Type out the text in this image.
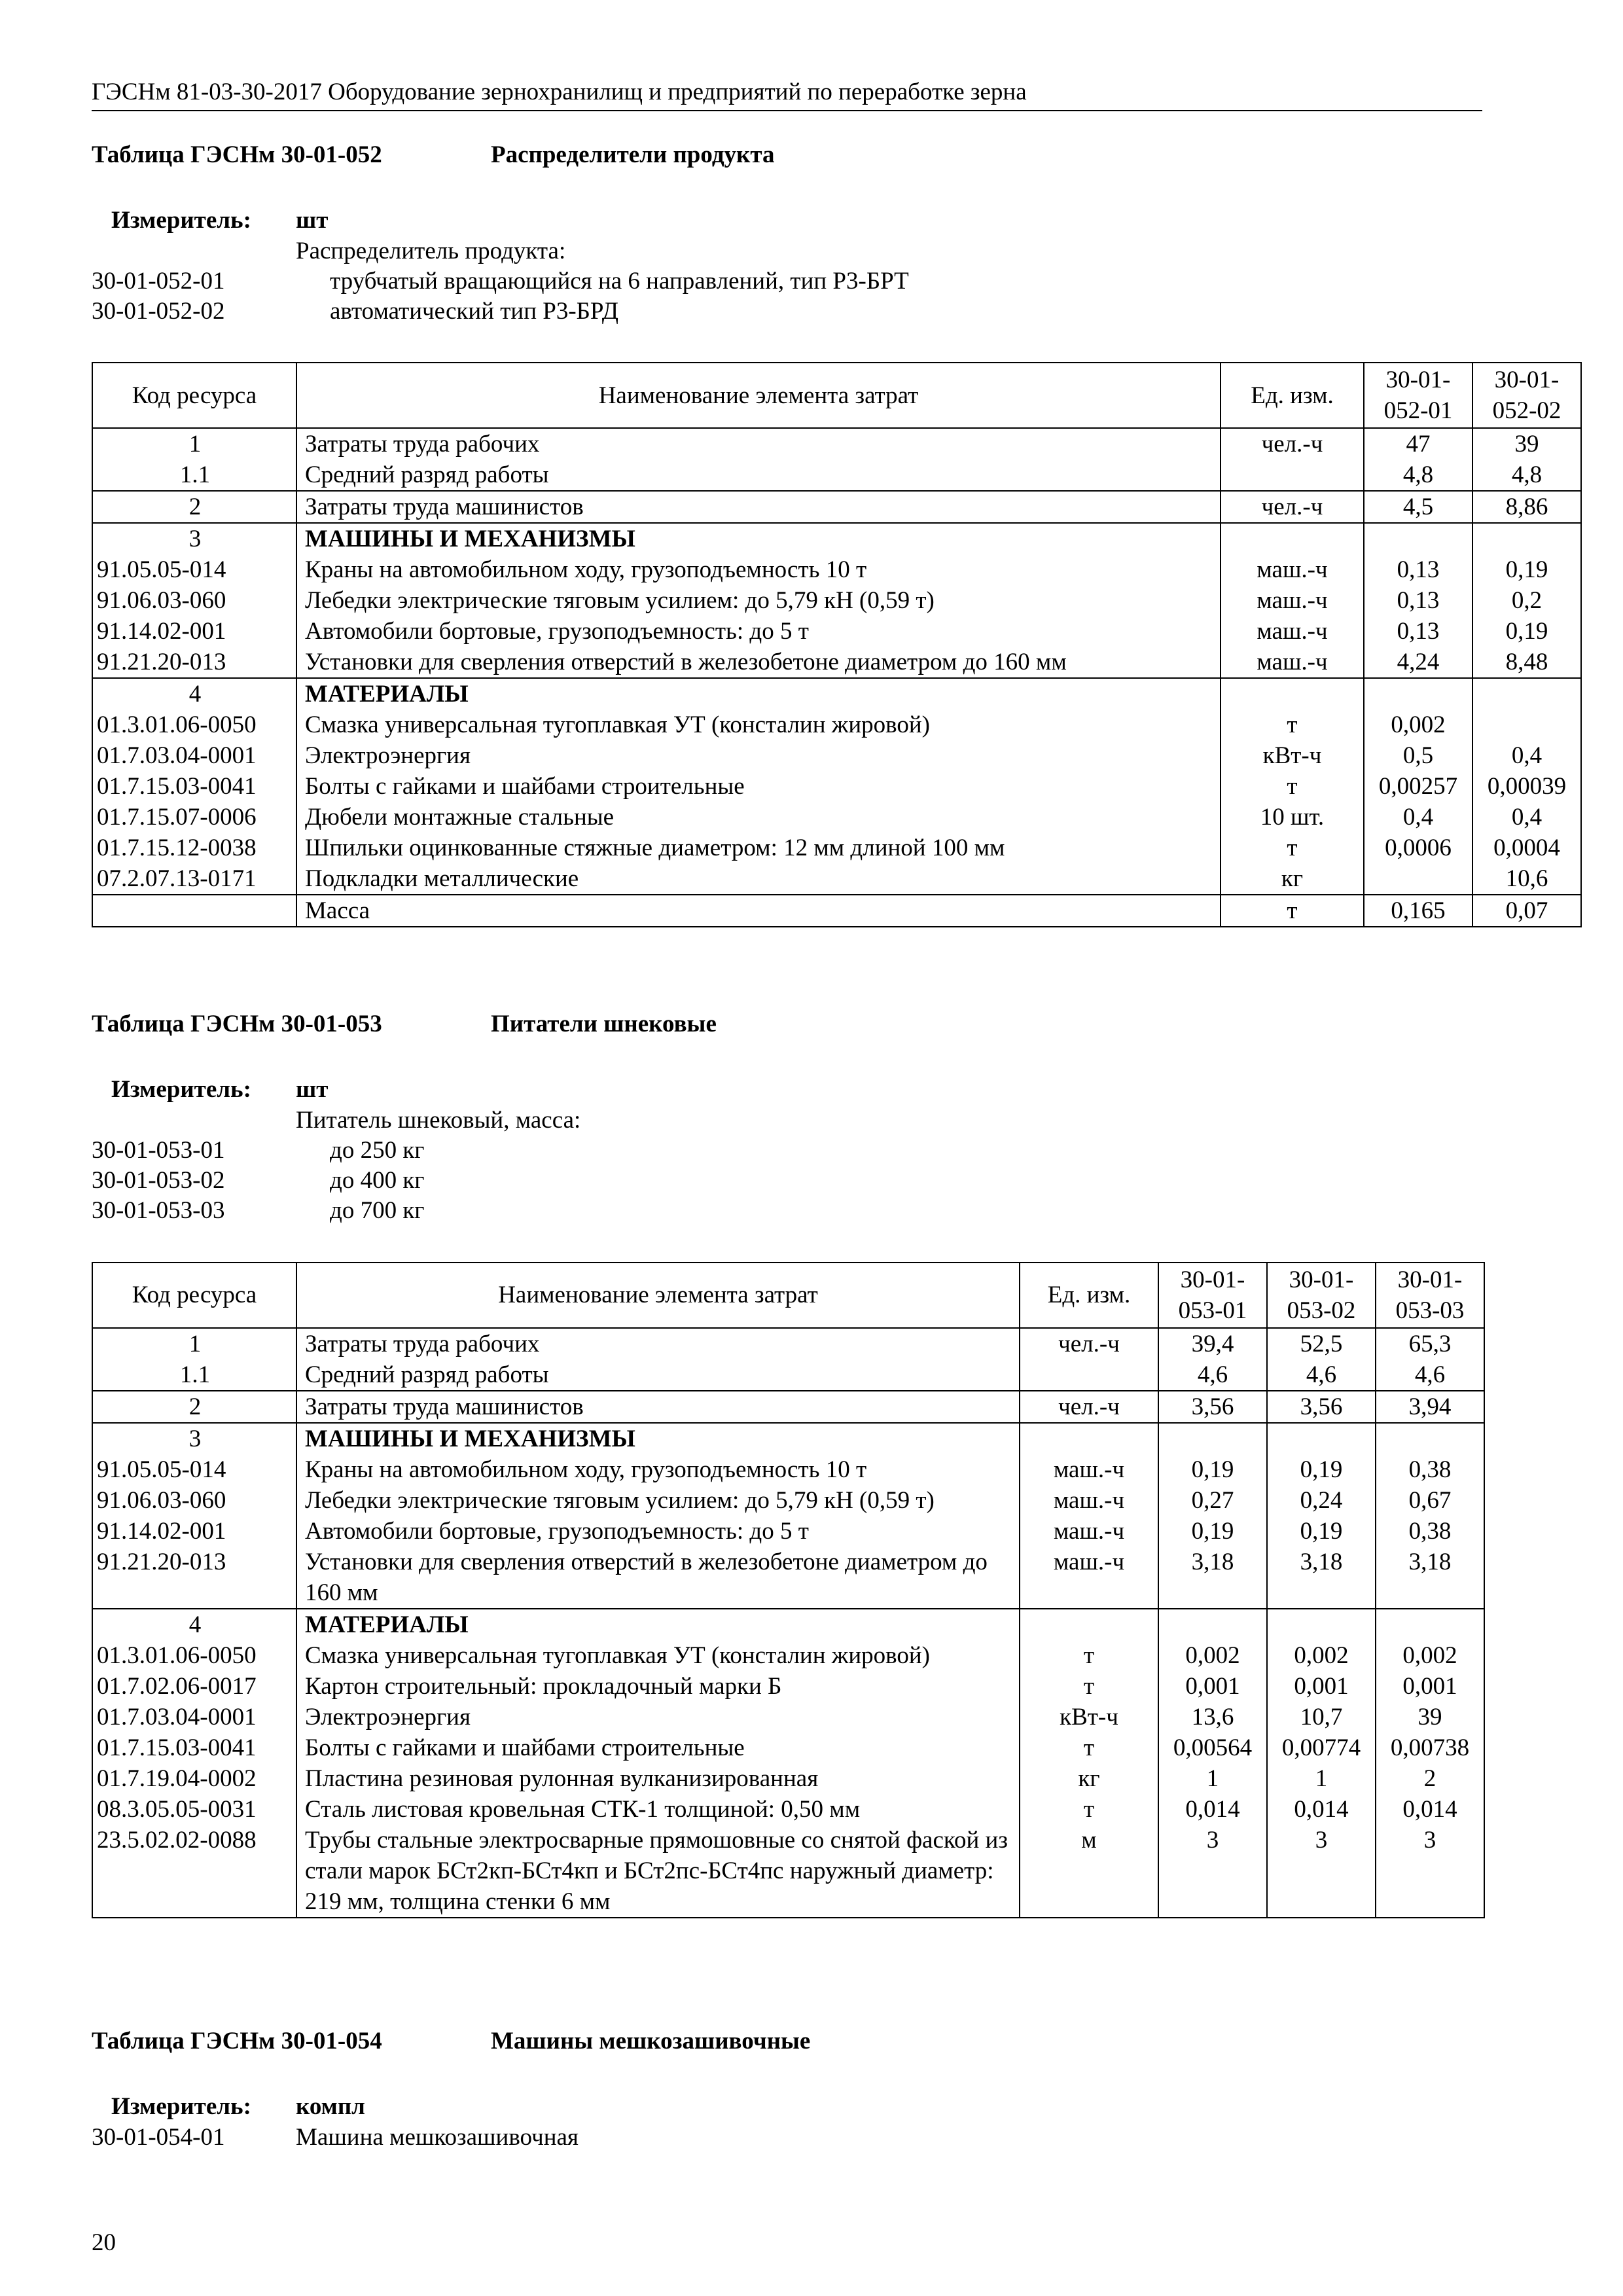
ГЭСНм 81-03-30-2017 Оборудование зернохранилищ и предприятий по переработке зерна
Таблица ГЭСНм 30-01-052	Распределители продукта
Измеритель:	шт
Распределитель продукта:
30-01-052-01	трубчатый вращающийся на 6 направлений, тип Р3-БРТ
30-01-052-02	автоматический тип Р3-БРД
Код ресурса	Наименование элемента затрат	Ед. изм.	30-01-052-01	30-01-052-02
1	Затраты труда рабочих	чел.-ч	47	39
1.1	Средний разряд работы		4,8	4,8
2	Затраты труда машинистов	чел.-ч	4,5	8,86
3	МАШИНЫ И МЕХАНИЗМЫ			
91.05.05-014	Краны на автомобильном ходу, грузоподъемность 10 т	маш.-ч	0,13	0,19
91.06.03-060	Лебедки электрические тяговым усилием: до 5,79 кН (0,59 т)	маш.-ч	0,13	0,2
91.14.02-001	Автомобили бортовые, грузоподъемность: до 5 т	маш.-ч	0,13	0,19
91.21.20-013	Установки для сверления отверстий в железобетоне диаметром до 160 мм	маш.-ч	4,24	8,48
4	МАТЕРИАЛЫ			
01.3.01.06-0050	Смазка универсальная тугоплавкая УТ (консталин жировой)	т	0,002	
01.7.03.04-0001	Электроэнергия	кВт-ч	0,5	0,4
01.7.15.03-0041	Болты с гайками и шайбами строительные	т	0,00257	0,00039
01.7.15.07-0006	Дюбели монтажные стальные	10 шт.	0,4	0,4
01.7.15.12-0038	Шпильки оцинкованные стяжные диаметром: 12 мм длиной 100 мм	т	0,0006	0,0004
07.2.07.13-0171	Подкладки металлические	кг		10,6
	Масса	т	0,165	0,07
Таблица ГЭСНм 30-01-053	Питатели шнековые
Измеритель:	шт
Питатель шнековый, масса:
30-01-053-01	до 250 кг
30-01-053-02	до 400 кг
30-01-053-03	до 700 кг
Код ресурса	Наименование элемента затрат	Ед. изм.	30-01-053-01	30-01-053-02	30-01-053-03
1	Затраты труда рабочих	чел.-ч	39,4	52,5	65,3
1.1	Средний разряд работы		4,6	4,6	4,6
2	Затраты труда машинистов	чел.-ч	3,56	3,56	3,94
3	МАШИНЫ И МЕХАНИЗМЫ				
91.05.05-014	Краны на автомобильном ходу, грузоподъемность 10 т	маш.-ч	0,19	0,19	0,38
91.06.03-060	Лебедки электрические тяговым усилием: до 5,79 кН (0,59 т)	маш.-ч	0,27	0,24	0,67
91.14.02-001	Автомобили бортовые, грузоподъемность: до 5 т	маш.-ч	0,19	0,19	0,38
91.21.20-013	Установки для сверления отверстий в железобетоне диаметром до 160 мм	маш.-ч	3,18	3,18	3,18
4	МАТЕРИАЛЫ				
01.3.01.06-0050	Смазка универсальная тугоплавкая УТ (консталин жировой)	т	0,002	0,002	0,002
01.7.02.06-0017	Картон строительный: прокладочный марки Б	т	0,001	0,001	0,001
01.7.03.04-0001	Электроэнергия	кВт-ч	13,6	10,7	39
01.7.15.03-0041	Болты с гайками и шайбами строительные	т	0,00564	0,00774	0,00738
01.7.19.04-0002	Пластина резиновая рулонная вулканизированная	кг	1	1	2
08.3.05.05-0031	Сталь листовая кровельная СТК-1 толщиной: 0,50 мм	т	0,014	0,014	0,014
23.5.02.02-0088	Трубы стальные электросварные прямошовные со снятой фаской из стали марок БСт2кп-БСт4кп и БСт2пс-БСт4пс наружный диаметр: 219 мм, толщина стенки 6 мм	м	3	3	3
Таблица ГЭСНм 30-01-054	Машины мешкозашивочные
Измеритель:	компл
30-01-054-01	Машина мешкозашивочная
20
